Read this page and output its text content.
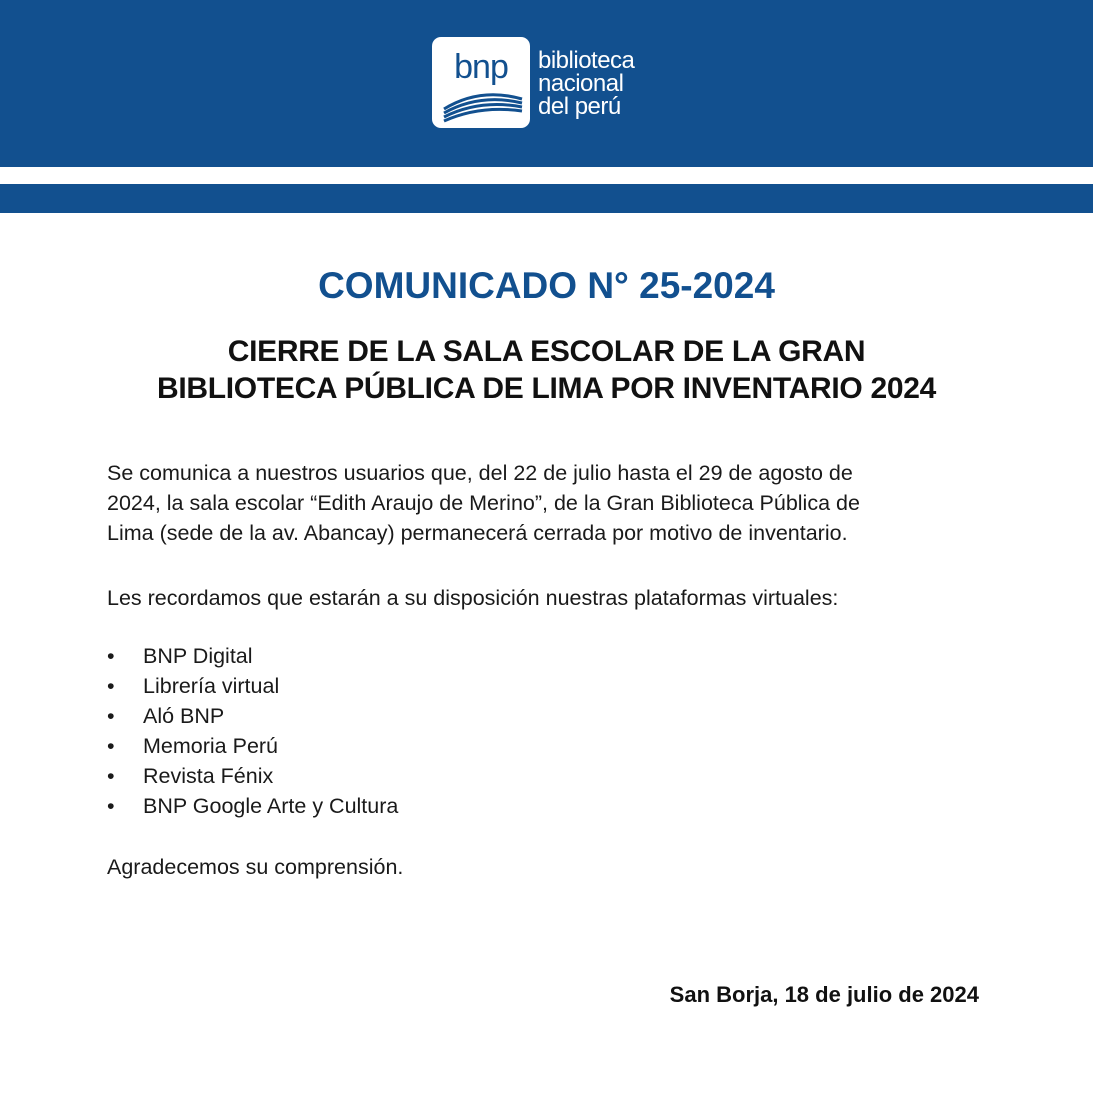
bnp	biblioteca
nacional
del perú
COMUNICADO N° 25-2024
CIERRE DE LA SALA ESCOLAR DE LA GRAN
BIBLIOTECA PÚBLICA DE LIMA POR INVENTARIO 2024

Se comunica a nuestros usuarios que, del 22 de julio hasta el 29 de agosto de
2024, la sala escolar “Edith Araujo de Merino”, de la Gran Biblioteca Pública de
Lima (sede de la av. Abancay) permanecerá cerrada por motivo de inventario.

Les recordamos que estarán a su disposición nuestras plataformas virtuales:

• BNP Digital
• Librería virtual
• Aló BNP
• Memoria Perú
• Revista Fénix
• BNP Google Arte y Cultura

Agradecemos su comprensión.

San Borja, 18 de julio de 2024
